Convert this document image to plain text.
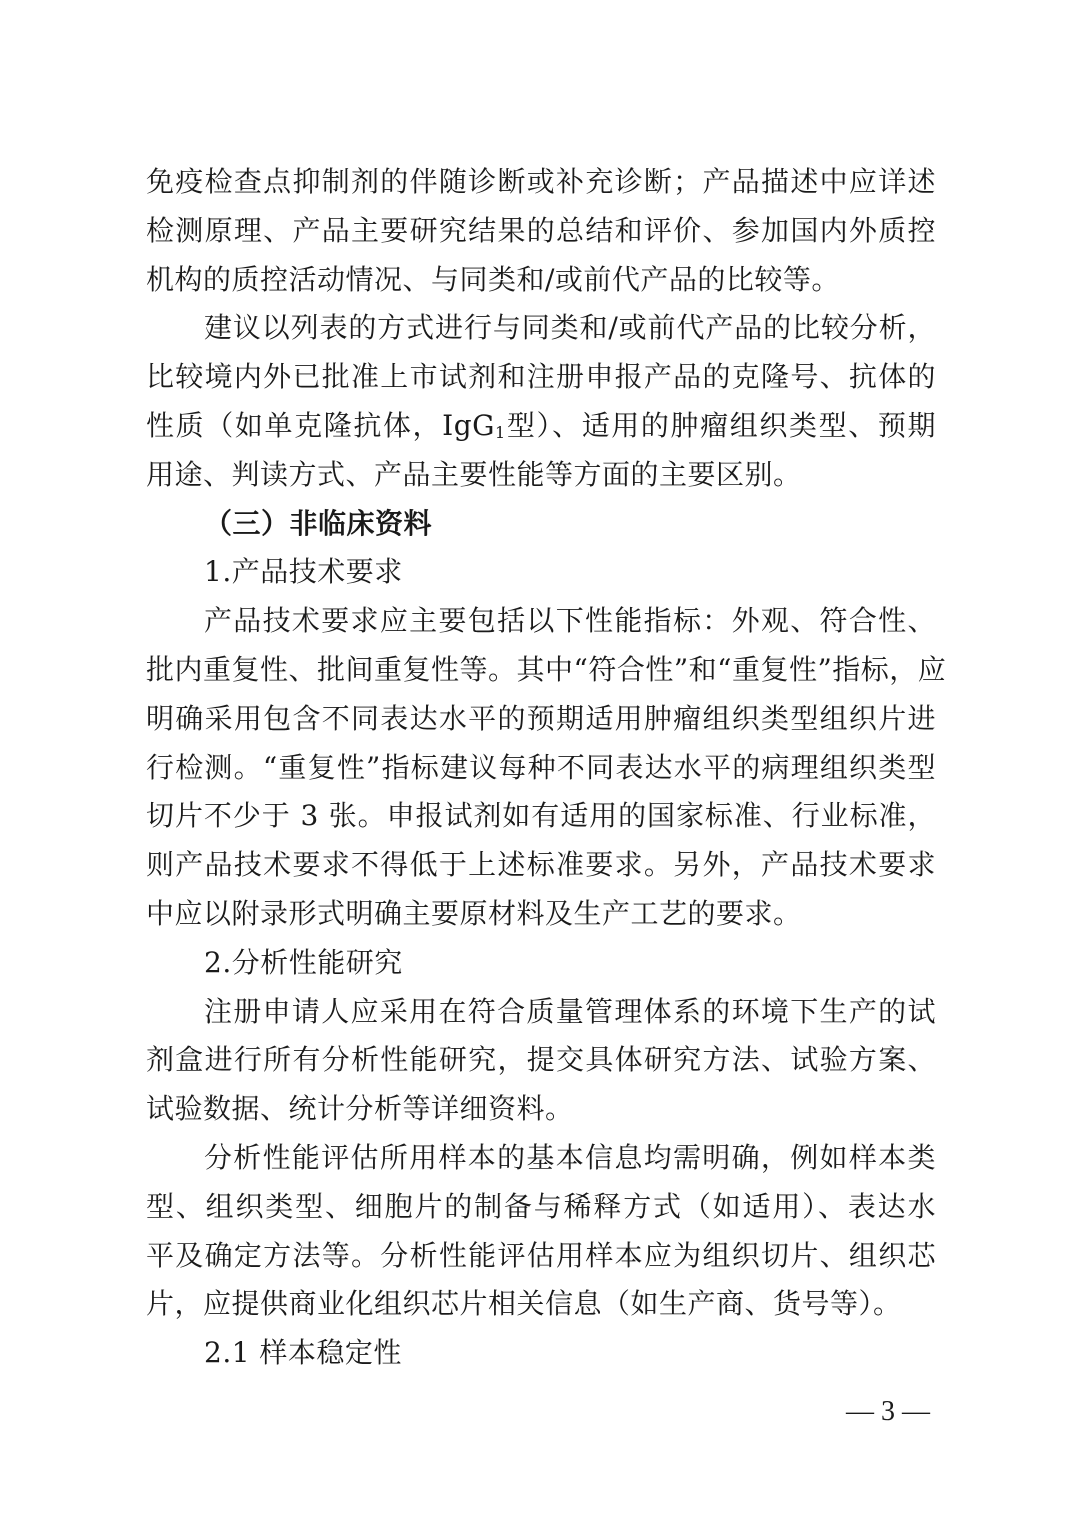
免疫检查点抑制剂的伴随诊断或补充诊断；产品描述中应详述
检测原理、产品主要研究结果的总结和评价、参加国内外质控
机构的质控活动情况、与同类和/或前代产品的比较等。
建议以列表的方式进行与同类和/或前代产品的比较分析，
比较境内外已批准上市试剂和注册申报产品的克隆号、抗体的
性质（如单克隆抗体，IgG$_1$型）、适用的肿瘤组织类型、预期
用途、判读方式、产品主要性能等方面的主要区别。
（三）非临床资料
1.产品技术要求
产品技术要求应主要包括以下性能指标：外观、符合性、
批内重复性、批间重复性等。其中“符合性”和“重复性”指标，应
明确采用包含不同表达水平的预期适用肿瘤组织类型组织片进
行检测。“重复性”指标建议每种不同表达水平的病理组织类型
切片不少于 3 张。申报试剂如有适用的国家标准、行业标准，
则产品技术要求不得低于上述标准要求。另外，产品技术要求
中应以附录形式明确主要原材料及生产工艺的要求。
2.分析性能研究
注册申请人应采用在符合质量管理体系的环境下生产的试
剂盒进行所有分析性能研究，提交具体研究方法、试验方案、
试验数据、统计分析等详细资料。
分析性能评估所用样本的基本信息均需明确，例如样本类
型、组织类型、细胞片的制备与稀释方式（如适用）、表达水
平及确定方法等。分析性能评估用样本应为组织切片、组织芯
片，应提供商业化组织芯片相关信息（如生产商、货号等）。
2.1 样本稳定性
— 3 —
